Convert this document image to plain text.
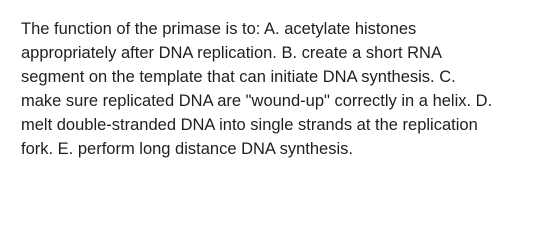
The function of the primase is to: A. acetylate histones
appropriately after DNA replication. B. create a short RNA
segment on the template that can initiate DNA synthesis. C.
make sure replicated DNA are "wound-up" correctly in a helix. D.
melt double-stranded DNA into single strands at the replication
fork. E. perform long distance DNA synthesis.
